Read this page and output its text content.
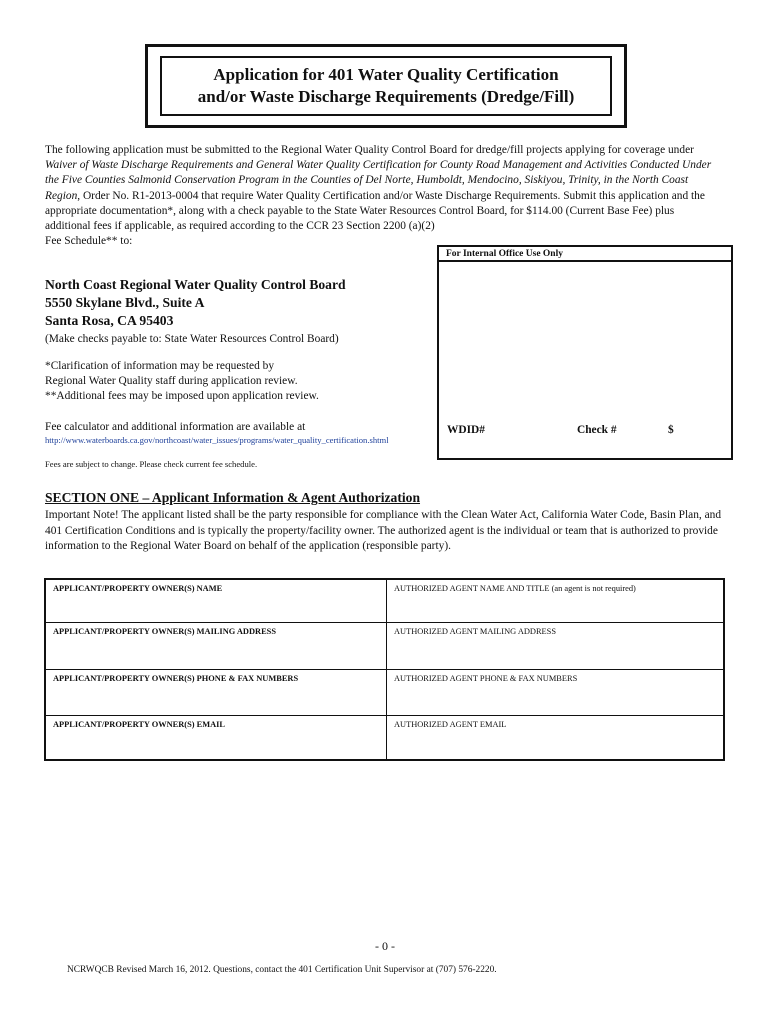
Application for 401 Water Quality Certification
and/or Waste Discharge Requirements (Dredge/Fill)

The following application must be submitted to the Regional Water Quality Control Board for dredge/fill projects applying for coverage under Waiver of Waste Discharge Requirements and General Water Quality Certification for County Road Management and Activities Conducted Under the Five Counties Salmonid Conservation Program in the Counties of Del Norte, Humboldt, Mendocino, Siskiyou, Trinity, in the North Coast Region, Order No. R1-2013-0004 that require Water Quality Certification and/or Waste Discharge Requirements. Submit this application and the appropriate documentation*, along with a check payable to the State Water Resources Control Board, for $114.00 (Current Base Fee) plus additional fees if applicable, as required according to the CCR 23 Section 2200 (a)(2)

Fee Schedule** to:

For Internal Office Use Only
WDID#	Check #	$
North Coast Regional Water Quality Control Board
5550 Skylane Blvd., Suite A
Santa Rosa, CA 95403
(Make checks payable to: State Water Resources Control Board)
*Clarification of information may be requested by
Regional Water Quality staff during application review.
**Additional fees may be imposed upon application review.
Fee calculator and additional information are available at
http://www.waterboards.ca.gov/northcoast/water_issues/programs/water_quality_certification.shtml
Fees are subject to change. Please check current fee schedule.
SECTION ONE – Applicant Information & Agent Authorization
Important Note! The applicant listed shall be the party responsible for compliance with the Clean Water Act, California Water Code, Basin Plan, and 401 Certification Conditions and is typically the property/facility owner. The authorized agent is the individual or team that is authorized to provide information to the Regional Water Board on behalf of the application (responsible party).
APPLICANT/PROPERTY OWNER(S) NAME	AUTHORIZED AGENT NAME AND TITLE (an agent is not required)
APPLICANT/PROPERTY OWNER(S) MAILING ADDRESS	AUTHORIZED AGENT MAILING ADDRESS
APPLICANT/PROPERTY OWNER(S) PHONE & FAX NUMBERS	AUTHORIZED AGENT PHONE & FAX NUMBERS
APPLICANT/PROPERTY OWNER(S) EMAIL	AUTHORIZED AGENT EMAIL
- 0 -
NCRWQCB Revised March 16, 2012. Questions, contact the 401 Certification Unit Supervisor at (707) 576-2220.
